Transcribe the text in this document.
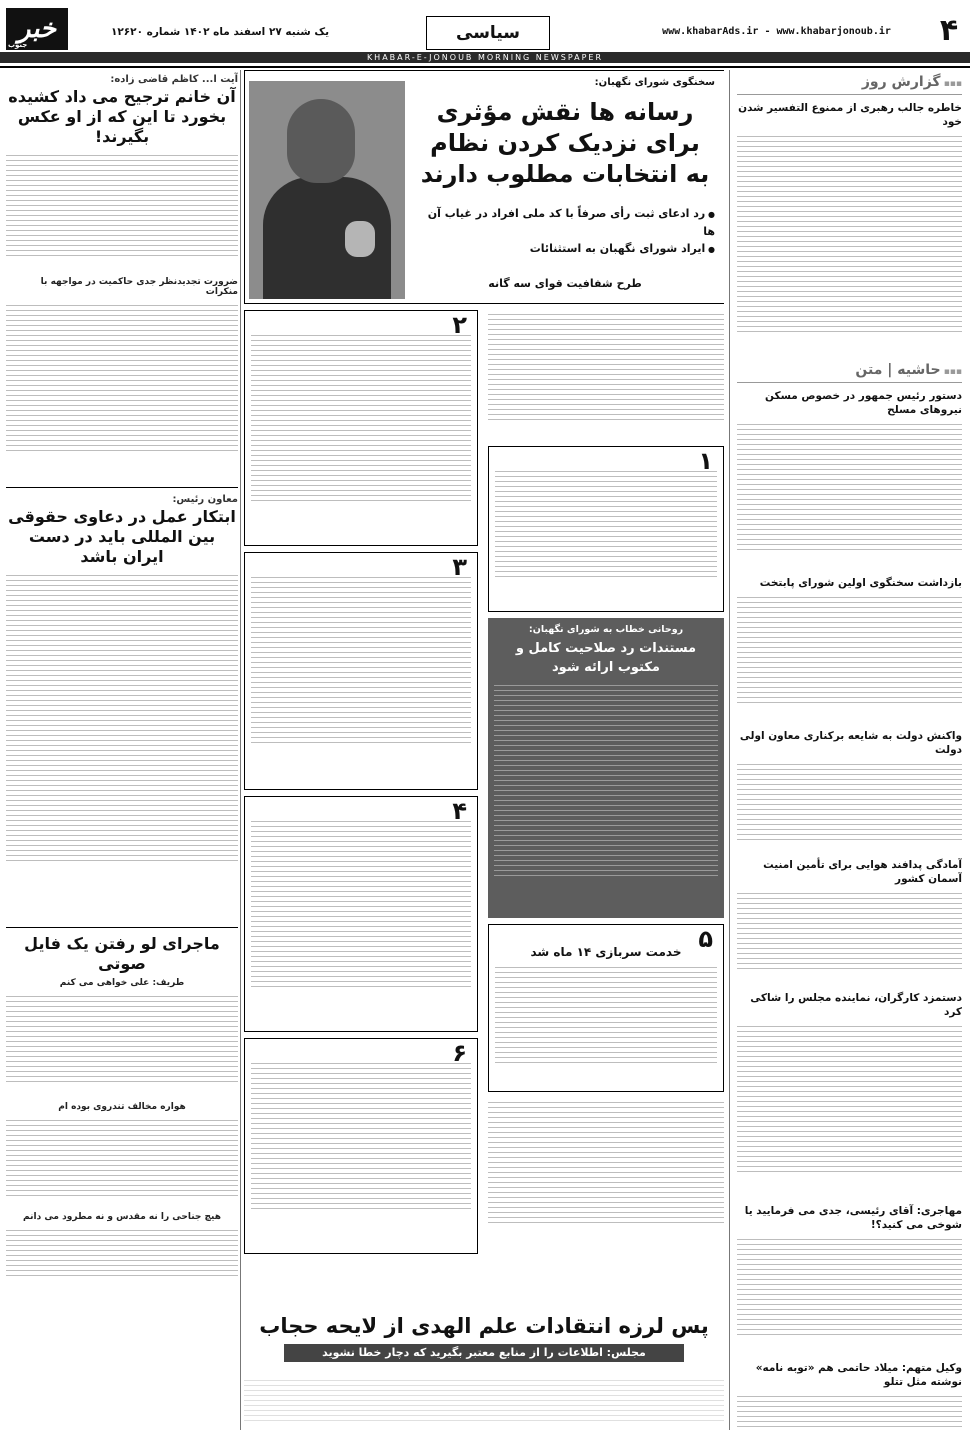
۴
www.khabarAds.ir - www.khabarjonoub.ir
سیاسی
یک شنبه ۲۷ اسفند ماه ۱۴۰۲ شماره ۱۲۶۲۰
خبر
جنوب
KHABAR-E-JONOUB MORNING NEWSPAPER
▪▪▪ گزارش روز
خاطره جالب رهبری از ممنوع التفسیر شدن خود
▪▪▪ حاشیه | متن
دستور رئیس جمهور در خصوص مسکن نیروهای مسلح
بازداشت سخنگوی اولین شورای پابتخت
واکنش دولت به شایعه برکناری معاون اولی دولت
آمادگی پدافند هوایی برای تأمین امنیت آسمان کشور
دستمزد کارگران، نماینده مجلس را شاکی کرد
مهاجری: آقای رئیسی، جدی می فرمایید یا شوخی می کنید؟!
وکیل متهم: میلاد حاتمی هم «توبه نامه» نوشته مثل تتلو
آیت ا... کاظم قاضی زاده:
آن خانم ترجیح می داد کشیده بخورد تا این که از او عکس بگیرند!
ضرورت تجدیدنظر جدی حاکمیت در مواجهه با منکرات
معاون رئیس:
ابتکار عمل در دعاوی حقوقی بین المللی باید در دست ایران باشد
ماجرای لو رفتن یک فایل صوتی
طریف: علی خواهی می کنم
هواره مخالف تندروی بوده ام
هیچ جناحی را نه مقدس و نه مطرود می دانم
سخنگوی شورای نگهبان:
رسانه ها نقش مؤثری برای نزدیک کردن نظام به انتخابات مطلوب دارند
● رد ادعای ثبت رأی صرفاً با کد ملی افراد در غیاب آن ها
● ایراد شورای نگهبان به استثنائات
طرح شفافیت قوای سه گانه
۲
۱
۳
روحانی خطاب به شورای نگهبان:
مستندات رد صلاحیت کامل و مکتوب ارائه شود
۴
۵
خدمت سربازی ۱۴ ماه شد
۶
پس لرزه انتقادات علم الهدی از لایحه حجاب
مجلس: اطلاعات را از منابع معتبر بگیرید که دچار خطا نشوید
